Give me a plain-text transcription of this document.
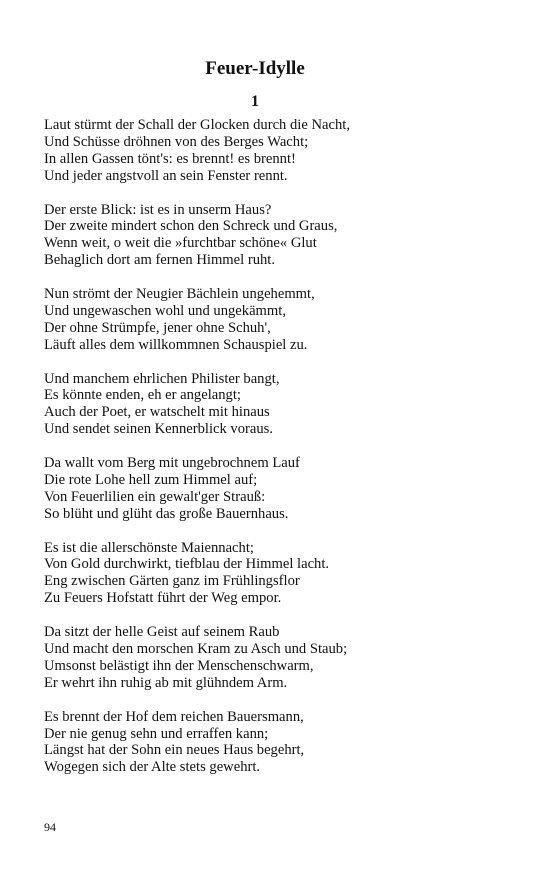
Feuer-Idylle
1
Laut stürmt der Schall der Glocken durch die Nacht,
Und Schüsse dröhnen von des Berges Wacht;
In allen Gassen tönt's: es brennt! es brennt!
Und jeder angstvoll an sein Fenster rennt.
Der erste Blick: ist es in unserm Haus?
Der zweite mindert schon den Schreck und Graus,
Wenn weit, o weit die »furchtbar schöne« Glut
Behaglich dort am fernen Himmel ruht.
Nun strömt der Neugier Bächlein ungehemmt,
Und ungewaschen wohl und ungekämmt,
Der ohne Strümpfe, jener ohne Schuh',
Läuft alles dem willkommnen Schauspiel zu.
Und manchem ehrlichen Philister bangt,
Es könnte enden, eh er angelangt;
Auch der Poet, er watschelt mit hinaus
Und sendet seinen Kennerblick voraus.
Da wallt vom Berg mit ungebrochnem Lauf
Die rote Lohe hell zum Himmel auf;
Von Feuerlilien ein gewalt'ger Strauß:
So blüht und glüht das große Bauernhaus.
Es ist die allerschönste Maiennacht;
Von Gold durchwirkt, tiefblau der Himmel lacht.
Eng zwischen Gärten ganz im Frühlingsflor
Zu Feuers Hofstatt führt der Weg empor.
Da sitzt der helle Geist auf seinem Raub
Und macht den morschen Kram zu Asch und Staub;
Umsonst belästigt ihn der Menschenschwarm,
Er wehrt ihn ruhig ab mit glühndem Arm.
Es brennt der Hof dem reichen Bauersmann,
Der nie genug sehn und erraffen kann;
Längst hat der Sohn ein neues Haus begehrt,
Wogegen sich der Alte stets gewehrt.
94
